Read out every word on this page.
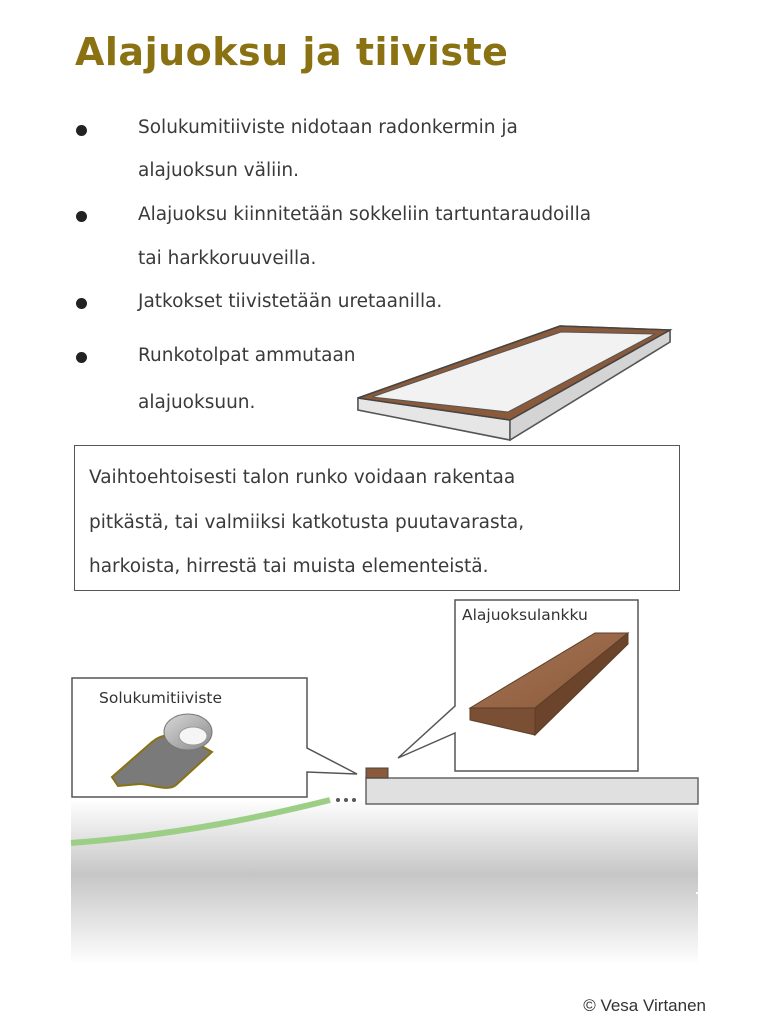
Alajuoksu ja tiiviste
Solukumitiiviste nidotaan radonkermin ja
alajuoksun väliin.
Alajuoksu kiinnitetään sokkeliin tartuntaraudoilla
tai harkkoruuveilla.
Jatkokset tiivistetään uretaanilla.
Runkotolpat ammutaan
alajuoksuun.
Vaihtoehtoisesti talon runko voidaan rakentaa
pitkästä, tai valmiiksi katkotusta puutavarasta,
harkoista, hirrestä tai muista elementeistä.
Solukumitiiviste
Alajuoksulankku
© Vesa Virtanen
